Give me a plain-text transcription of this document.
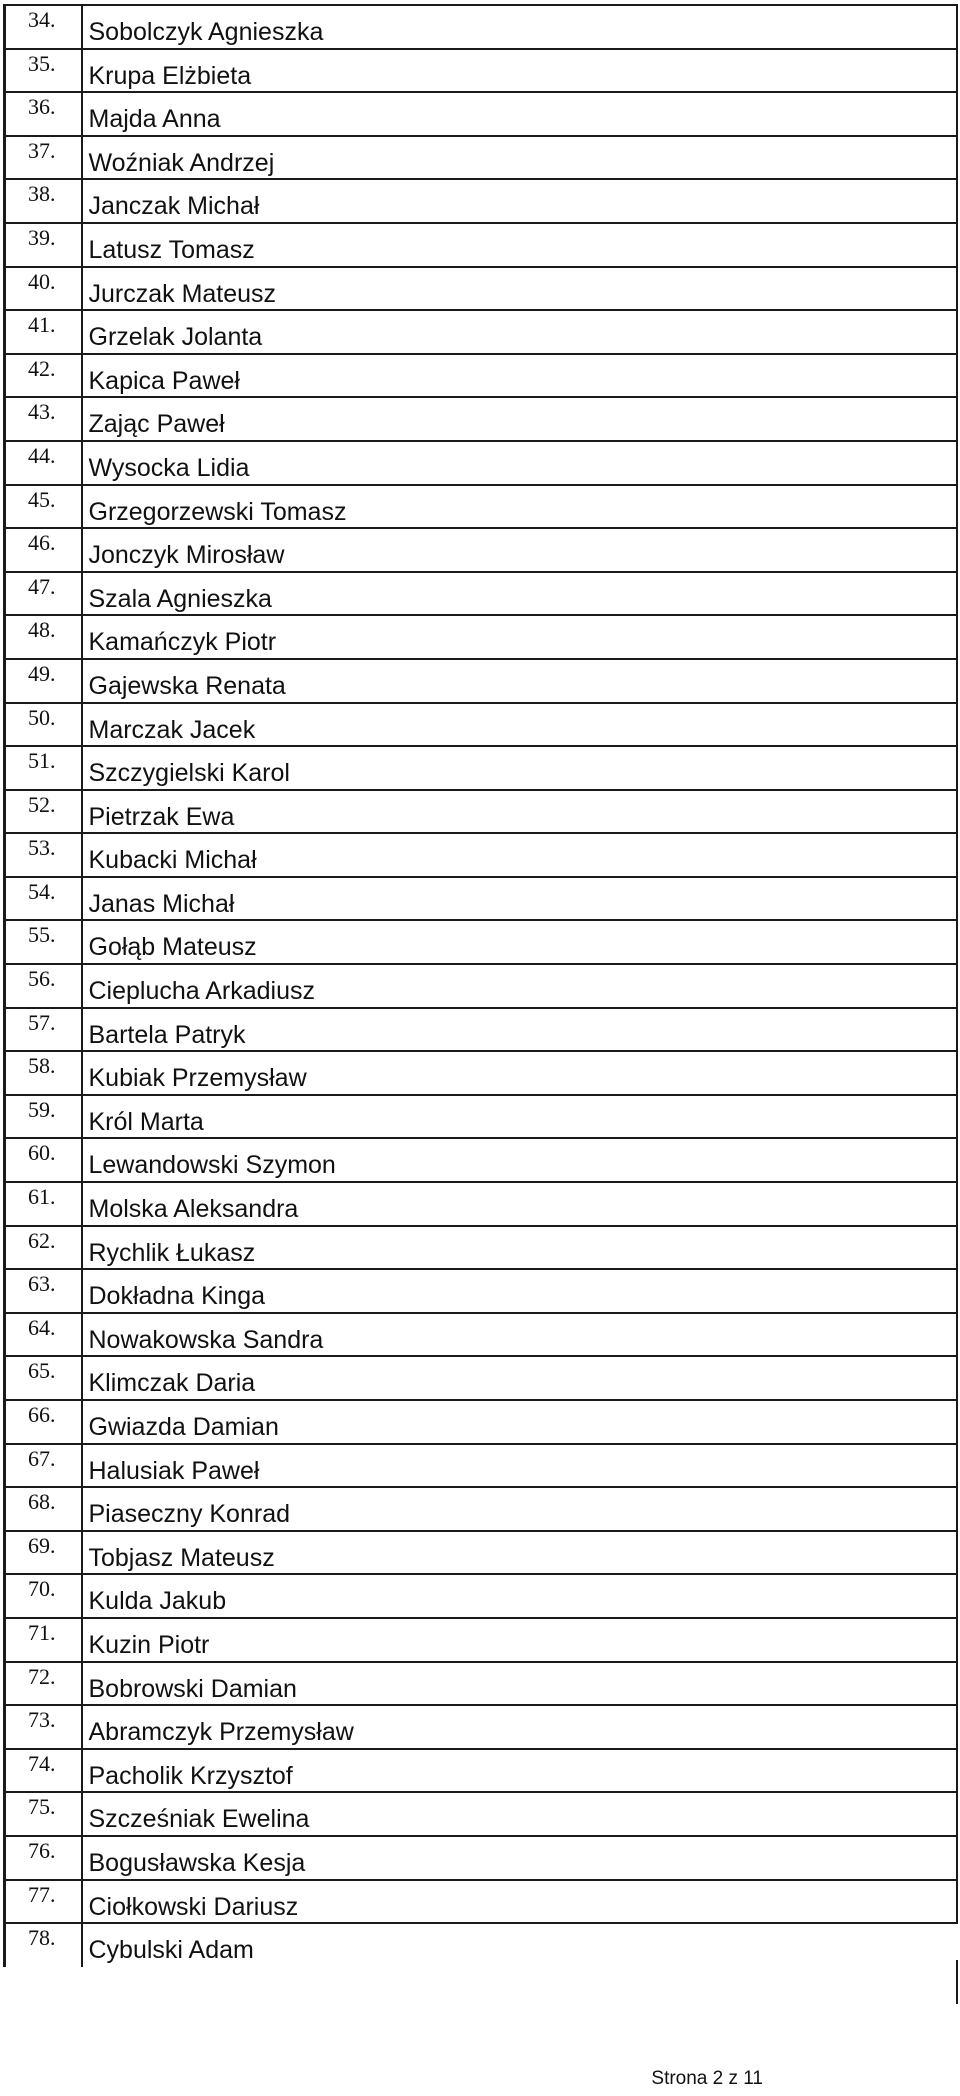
34.	Sobolczyk Agnieszka
35.	Krupa Elżbieta
36.	Majda Anna
37.	Woźniak Andrzej
38.	Janczak Michał
39.	Latusz Tomasz
40.	Jurczak Mateusz
41.	Grzelak Jolanta
42.	Kapica Paweł
43.	Zając Paweł
44.	Wysocka Lidia
45.	Grzegorzewski Tomasz
46.	Jonczyk Mirosław
47.	Szala Agnieszka
48.	Kamańczyk Piotr
49.	Gajewska Renata
50.	Marczak Jacek
51.	Szczygielski Karol
52.	Pietrzak Ewa
53.	Kubacki Michał
54.	Janas Michał
55.	Gołąb Mateusz
56.	Cieplucha Arkadiusz
57.	Bartela Patryk
58.	Kubiak Przemysław
59.	Król Marta
60.	Lewandowski Szymon
61.	Molska Aleksandra
62.	Rychlik Łukasz
63.	Dokładna Kinga
64.	Nowakowska Sandra
65.	Klimczak Daria
66.	Gwiazda Damian
67.	Halusiak Paweł
68.	Piaseczny Konrad
69.	Tobjasz Mateusz
70.	Kulda Jakub
71.	Kuzin Piotr
72.	Bobrowski Damian
73.	Abramczyk Przemysław
74.	Pacholik Krzysztof
75.	Szcześniak Ewelina
76.	Bogusławska Kesja
77.	Ciołkowski Dariusz
78.	Cybulski Adam
Strona 2 z 11
